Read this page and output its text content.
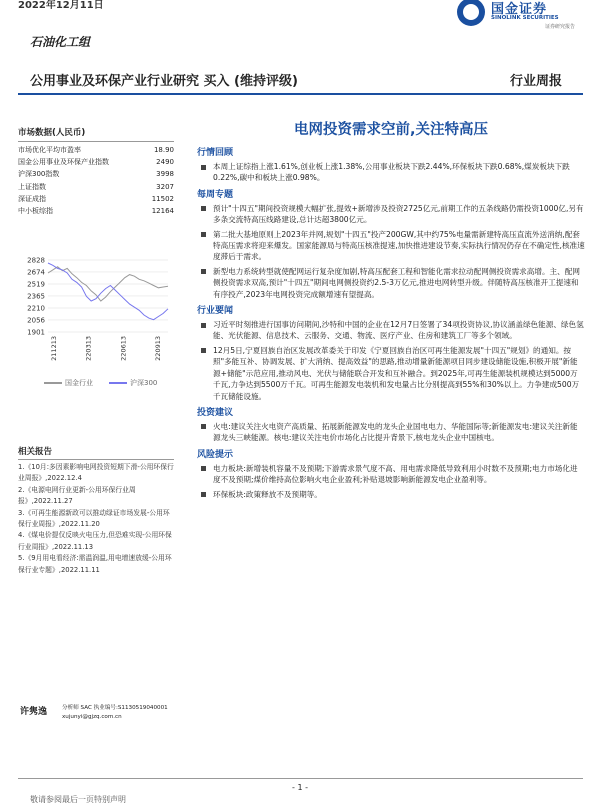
2022年12月11日	国金证券
SINOLINK SECURITIES
证券研究报告
石油化工组
公用事业及环保产业行业研究 买入 (维持评级)	行业周报
市场数据(人民币)
市场优化平均市盈率	18.90
国金公用事业及环保产业指数	2490
沪深300指数	3998
上证指数	3207
深证成指	11502
中小板综指	12164
2828
2674
2519
2365
2210
2056
1901
211213	220313	220613	220913
国金行业	沪深300
相关报告

1.《10月:多因素影响电网投资短期下滑-公用环保行业周报》,2022.12.4

2.《电源电网行业更新-公用环保行业周报》,2022.11.27

3.《可再生能源新政可以推动绿证市场发展-公用环保行业周报》,2022.11.20

4.《煤电价提仅反映火电压力,但恐难实现-公用环保行业周报》,2022.11.13

5.《9月用电看经济:需温润温,用电增速放缓-公用环保行业专题》,2022.11.11

电网投资需求空前,关注特高压
行情回顾
本周上证综指上涨1.61%,创业板上涨1.38%,公用事业板块下跌2.44%,环保板块下跌0.68%,煤炭板块下跌0.22%,碳中和板块上涨0.98%。
每周专题
预计"十四五"期间投资规模大幅扩张,提效+新增涉及投资2725亿元,前期工作的五条线路仍需投资1000亿,另有多条交流特高压线路建设,总计达超3800亿元。
第二批大基地原则上2023年并网,规划"十四五"投产200GW,其中约75%电量需新建特高压直流外送消纳,配套特高压需求将迎来爆发。国家能源局与特高压核准提速,加快推进建设节奏,实际执行情况仍存在不确定性,核准速度滞后于需求。
新型电力系统转型就使配网运行复杂度加剧,特高压配套工程和智能化需求拉动配网侧投资需求高增。主、配网侧投资需求双高,预计"十四五"期间电网侧投资约2.5-3万亿元,推进电网转型升级。伴随特高压核准开工提速和有序投产,2023年电网投资完成额增速有望提高。
行业要闻
习近平时刻推进行国事访问期间,沙特和中国的企业在12月7日签署了34项投资协议,协议涵盖绿色能源、绿色氢能、光伏能源、信息技术、云服务、交通、物流、医疗产业、住房和建筑工厂等多个领域。
12月5日,宁夏回族自治区发展改革委关于印发《宁夏回族自治区可再生能源发展"十四五"规划》的通知。按照"多能互补、协调发展、扩大消纳、提高效益"的思路,推动增量新能源项目同步建设储能设施,积极开展"新能源+储能"示范应用,推动风电、光伏与储能联合开发和互补融合。到2025年,可再生能源装机规模达到5000万千瓦,力争达到5500万千瓦。可再生能源发电装机和发电量占比分别提高到55%和30%以上。力争建成500万千瓦储能设施。
投资建议
火电:建议关注火电资产高质量、拓展新能源发电的龙头企业国电电力、华能国际等;新能源发电:建议关注新能源龙头三峡能源。核电:建议关注电价市场化占比提升背景下,核电龙头企业中国核电。
风险提示
电力板块:新增装机容量不及预期;下游需求景气度不高、用电需求降低导致利用小时数不及预期;电力市场化进度不及预期;煤价维持高位影响火电企业盈利;补贴退坡影响新能源发电企业盈利等。
环保板块:政策释放不及预期等。
许隽逸	分析师 SAC 执业编号:S1130519040001
xujunyi@gjzq.com.cn
- 1 -
敬请参阅最后一页特别声明
